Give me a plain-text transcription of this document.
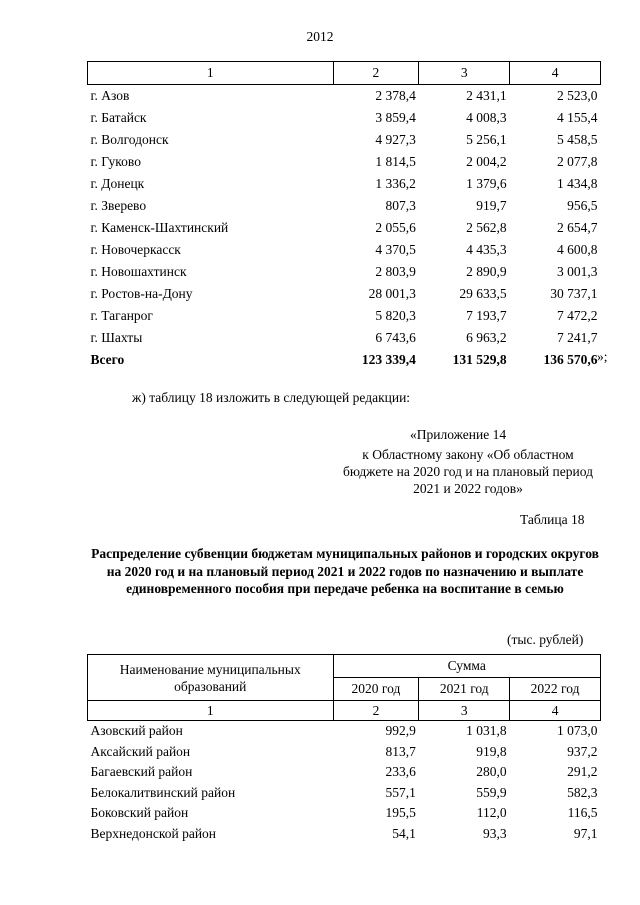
2012
1	2	3	4
г. Азов	2 378,4	2 431,1	2 523,0
г. Батайск	3 859,4	4 008,3	4 155,4
г. Волгодонск	4 927,3	5 256,1	5 458,5
г. Гуково	1 814,5	2 004,2	2 077,8
г. Донецк	1 336,2	1 379,6	1 434,8
г. Зверево	807,3	919,7	956,5
г. Каменск-Шахтинский	2 055,6	2 562,8	2 654,7
г. Новочеркасск	4 370,5	4 435,3	4 600,8
г. Новошахтинск	2 803,9	2 890,9	3 001,3
г. Ростов-на-Дону	28 001,3	29 633,5	30 737,1
г. Таганрог	5 820,3	7 193,7	7 472,2
г. Шахты	6 743,6	6 963,2	7 241,7
Всего	123 339,4	131 529,8	136 570,6 »;
ж) таблицу 18 изложить в следующей редакции:
«Приложение 14
к Областному закону «Об областном бюджете на 2020 год и на плановый период 2021 и 2022 годов»
Таблица 18
Распределение субвенции бюджетам муниципальных районов и городских округов на 2020 год и на плановый период 2021 и 2022 годов по назначению и выплате единовременного пособия при передаче ребенка на воспитание в семью
(тыс. рублей)
Наименование муниципальных образований	Сумма		
	2020 год	2021 год	2022 год
1	2	3	4
Азовский район	992,9	1 031,8	1 073,0
Аксайский район	813,7	919,8	937,2
Багаевский район	233,6	280,0	291,2
Белокалитвинский район	557,1	559,9	582,3
Боковский район	195,5	112,0	116,5
Верхнедонской район	54,1	93,3	97,1
